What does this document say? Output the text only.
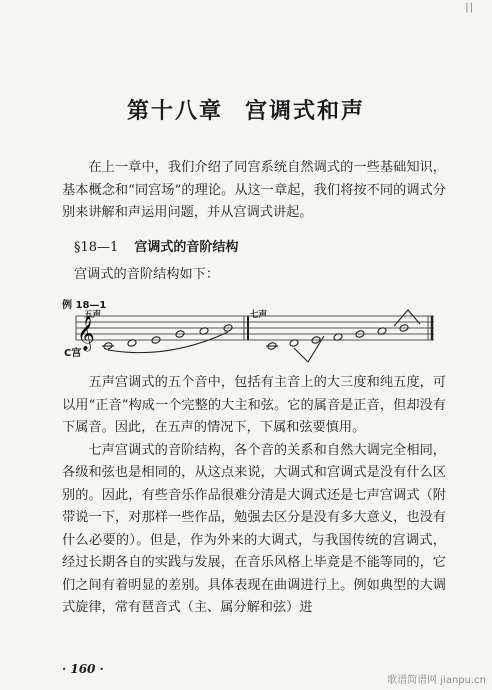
||
第十八章 宫调式和声

在上一章中，我们介绍了同宫系统自然调式的一些基础知识，基本概念和“同宫场”的理论。从这一章起，我们将按不同的调式分别来讲解和声运用问题，并从宫调式讲起。

§18—1 宫调式的音阶结构
宫调式的音阶结构如下：
𝄞
例 18—1
五声	七声
C宫

五声宫调式的五个音中，包括有主音上的大三度和纯五度，可以用“正音”构成一个完整的大主和弦。它的属音是正音，但却没有下属音。因此，在五声的情况下，下属和弦要慎用。

七声宫调式的音阶结构，各个音的关系和自然大调完全相同，各级和弦也是相同的，从这点来说，大调式和宫调式是没有什么区别的。因此，有些音乐作品很难分清是大调式还是七声宫调式（附带说一下，对那样一些作品，勉强去区分是没有多大意义，也没有什么必要的）。但是，作为外来的大调式，与我国传统的宫调式，经过长期各自的实践与发展，在音乐风格上毕竟是不能等同的，它们之间有着明显的差别。具体表现在曲调进行上。例如典型的大调式旋律，常有琶音式（主、属分解和弦）进

· 160 ·
歌谱简谱网 jianpu.cn
